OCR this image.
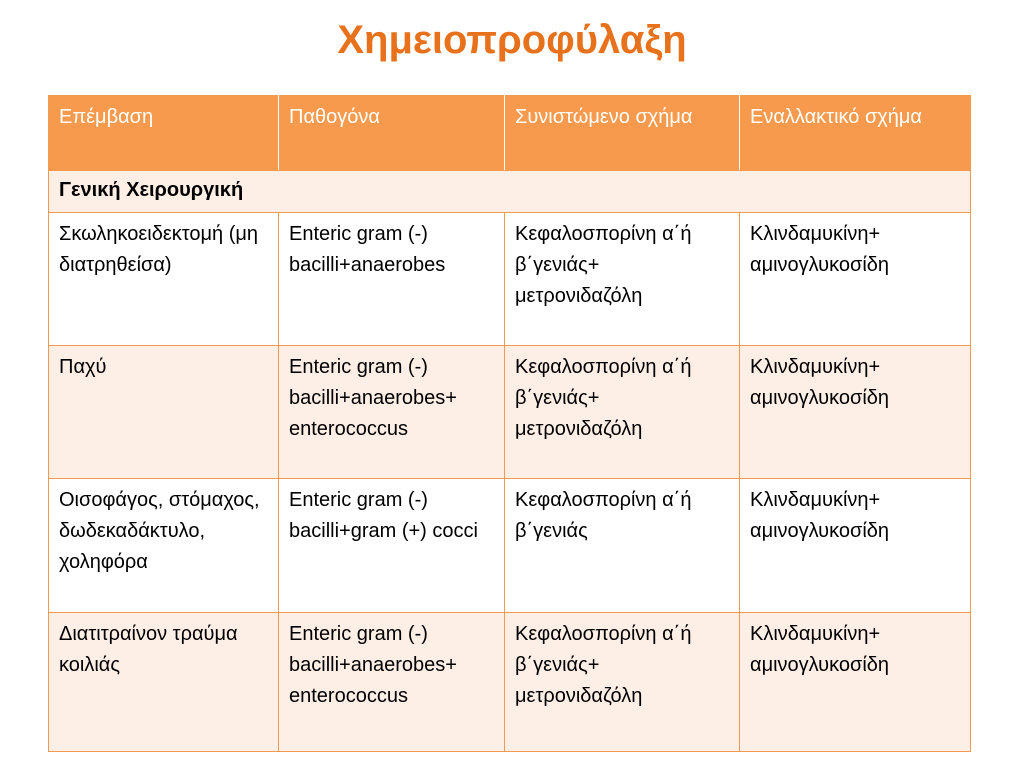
Χημειοπροφύλαξη
Επέμβαση	Παθογόνα	Συνιστώμενο σχήμα	Εναλλακτικό σχήμα
Γενική Χειρουργική			
Σκωληκοειδεκτομή (μη διατρηθείσα)	Enteric gram (-) bacilli+anaerobes	Κεφαλοσπορίνη α΄ή β΄γενιάς+ μετρονιδαζόλη	Κλινδαμυκίνη+ αμινογλυκοσίδη
Παχύ	Enteric gram (-) bacilli+anaerobes+ enterococcus	Κεφαλοσπορίνη α΄ή β΄γενιάς+ μετρονιδαζόλη	Κλινδαμυκίνη+ αμινογλυκοσίδη
Οισοφάγος, στόμαχος, δωδεκαδάκτυλο, χοληφόρα	Enteric gram (-) bacilli+gram (+) cocci	Κεφαλοσπορίνη α΄ή β΄γενιάς	Κλινδαμυκίνη+ αμινογλυκοσίδη
Διατιτραίνον τραύμα κοιλιάς	Enteric gram (-) bacilli+anaerobes+ enterococcus	Κεφαλοσπορίνη α΄ή β΄γενιάς+ μετρονιδαζόλη	Κλινδαμυκίνη+ αμινογλυκοσίδη
